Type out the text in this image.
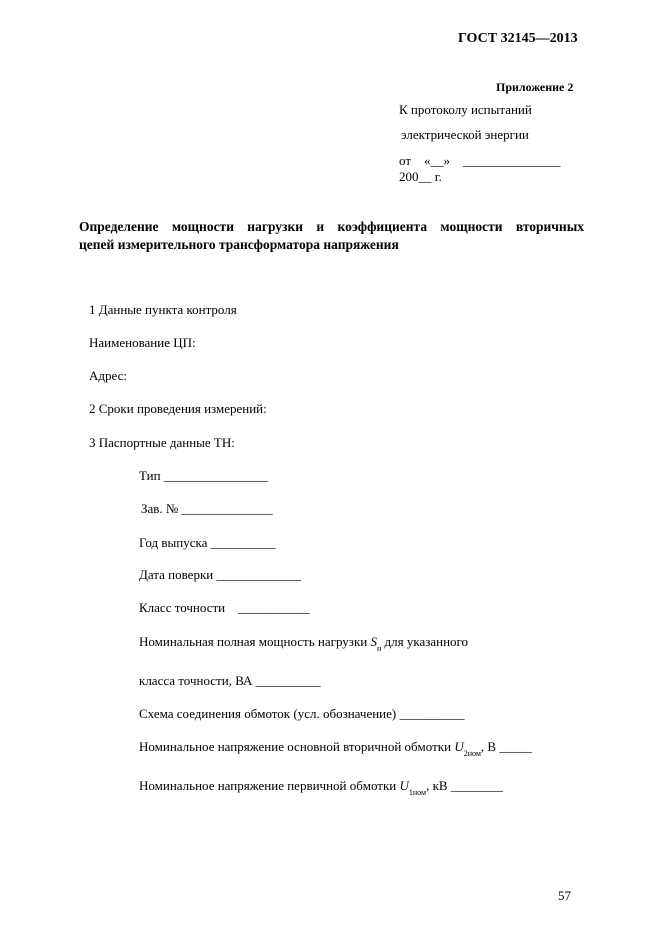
ГОСТ 32145—2013
Приложение 2
К протоколу испытаний
электрической энергии
от    «__»    _______________
200__ г.
Определение мощности нагрузки и коэффициента мощности вторичных
цепей измерительного трансформатора напряжения
1 Данные пункта контроля
Наименование ЦП:
Адрес:
2 Сроки проведения измерений:
3 Паспортные данные ТН:
Тип ________________
Зав. № ______________
Год выпуска __________
Дата поверки _____________
Класс точности    ___________
Номинальная полная мощность нагрузки $S_н$ для указанного
класса точности, ВА __________
Схема соединения обмоток (усл. обозначение) __________
Номинальное напряжение основной вторичной обмотки $U_{2ном}$, В _____
Номинальное напряжение первичной обмотки $U_{1ном}$, кВ ________
57
